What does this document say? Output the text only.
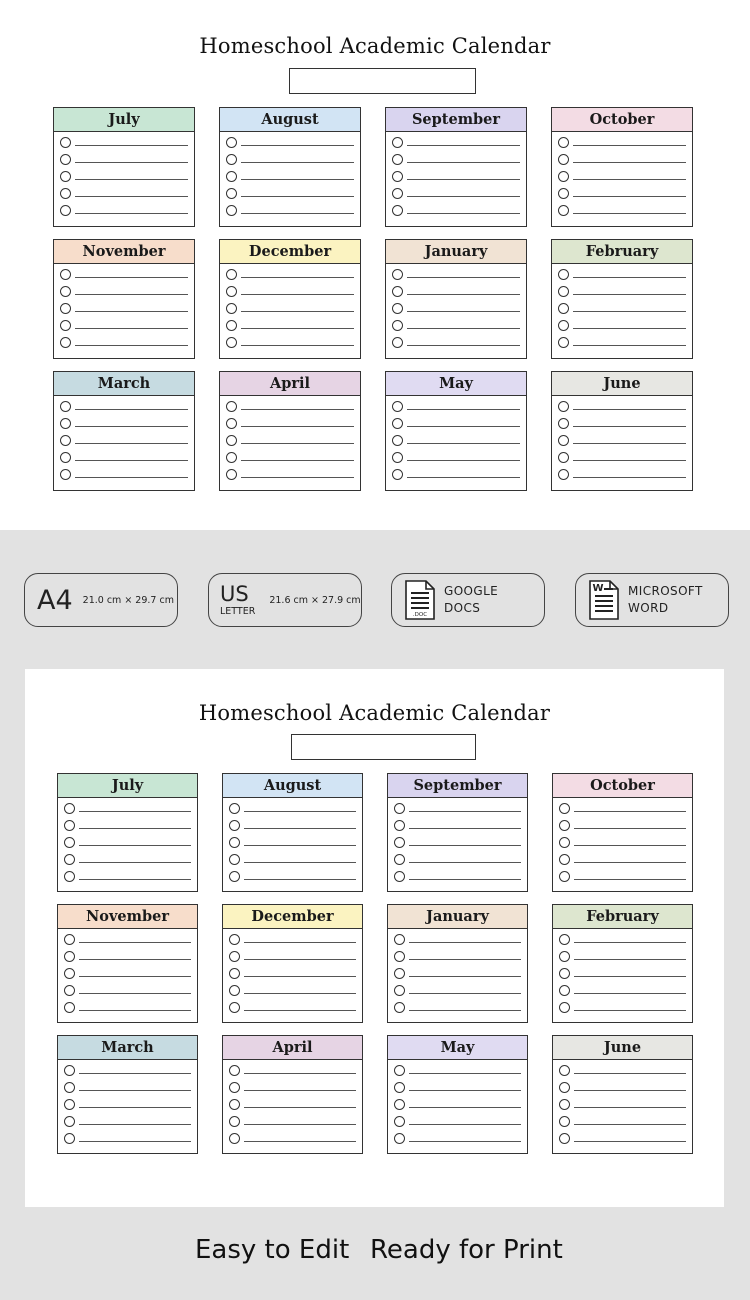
Homeschool Academic Calendar
July	August	September	October
November	December	January	February
March	April	May	June
A4 21.0 cm × 29.7 cm US
LETTER
21.6 cm × 27.9 cm
.DOC
GOOGLE
DOCS
W MICROSOFT
WORD
Homeschool Academic Calendar
July	August	September	October
November	December	January	February
March	April	May	June
Easy to Edit Ready for Print
